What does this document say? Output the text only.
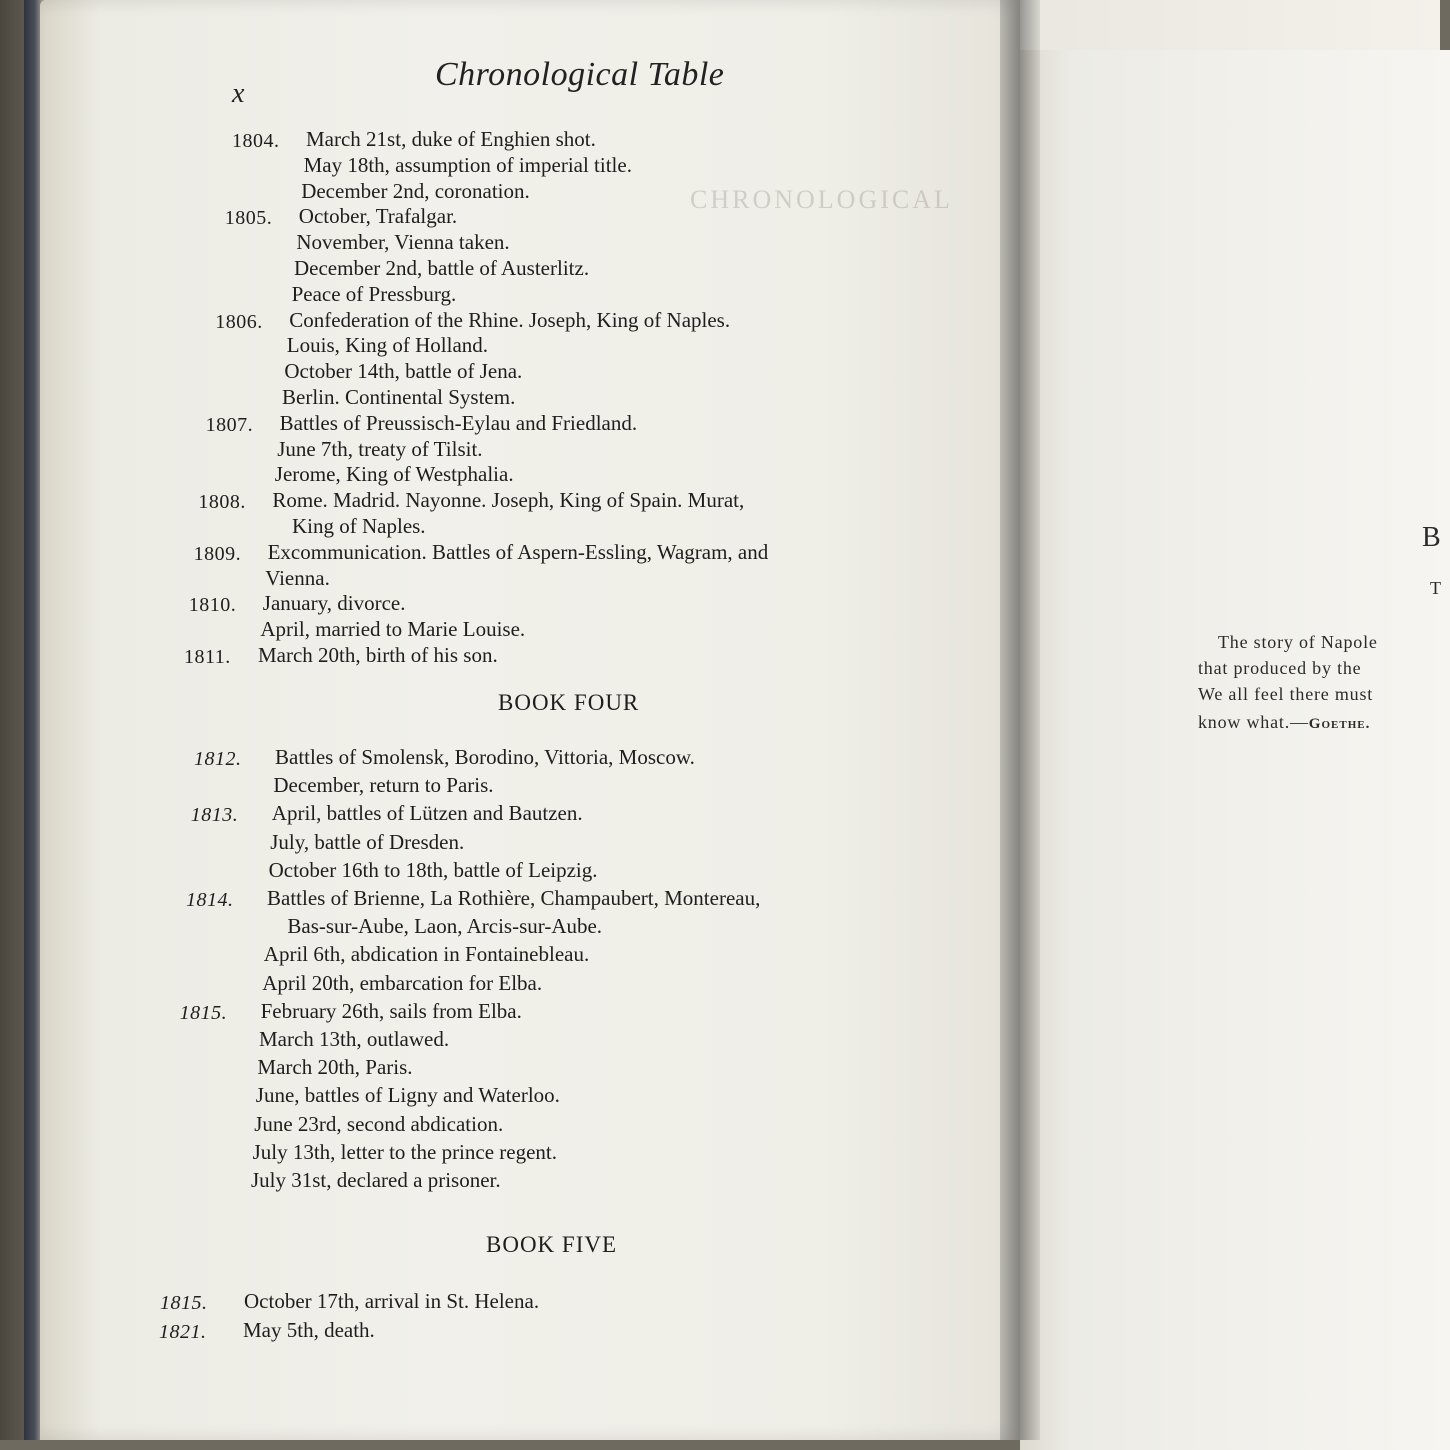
CHRONOLOGICAL
x
Chronological Table
1804. March 21st, duke of Enghien shot.
May 18th, assumption of imperial title.
December 2nd, coronation.
1805. October, Trafalgar.
November, Vienna taken.
December 2nd, battle of Austerlitz.
Peace of Pressburg.
1806. Confederation of the Rhine. Joseph, King of Naples.
Louis, King of Holland.
October 14th, battle of Jena.
Berlin. Continental System.
1807. Battles of Preussisch-Eylau and Friedland.
June 7th, treaty of Tilsit.
Jerome, King of Westphalia.
1808. Rome. Madrid. Nayonne. Joseph, King of Spain. Murat,
King of Naples.
1809. Excommunication. Battles of Aspern-Essling, Wagram, and
Vienna.
1810. January, divorce.
April, married to Marie Louise.
1811. March 20th, birth of his son.
BOOK FOUR
1812. Battles of Smolensk, Borodino, Vittoria, Moscow.
December, return to Paris.
1813. April, battles of Lützen and Bautzen.
July, battle of Dresden.
October 16th to 18th, battle of Leipzig.
1814. Battles of Brienne, La Rothière, Champaubert, Montereau,
Bas-sur-Aube, Laon, Arcis-sur-Aube.
April 6th, abdication in Fontainebleau.
April 20th, embarcation for Elba.
1815. February 26th, sails from Elba.
March 13th, outlawed.
March 20th, Paris.
June, battles of Ligny and Waterloo.
June 23rd, second abdication.
July 13th, letter to the prince regent.
July 31st, declared a prisoner.
BOOK FIVE
1815. October 17th, arrival in St. Helena.
1821. May 5th, death.
B
T
The story of Napole
that produced by the
We all feel there must
know what.—Goethe.
